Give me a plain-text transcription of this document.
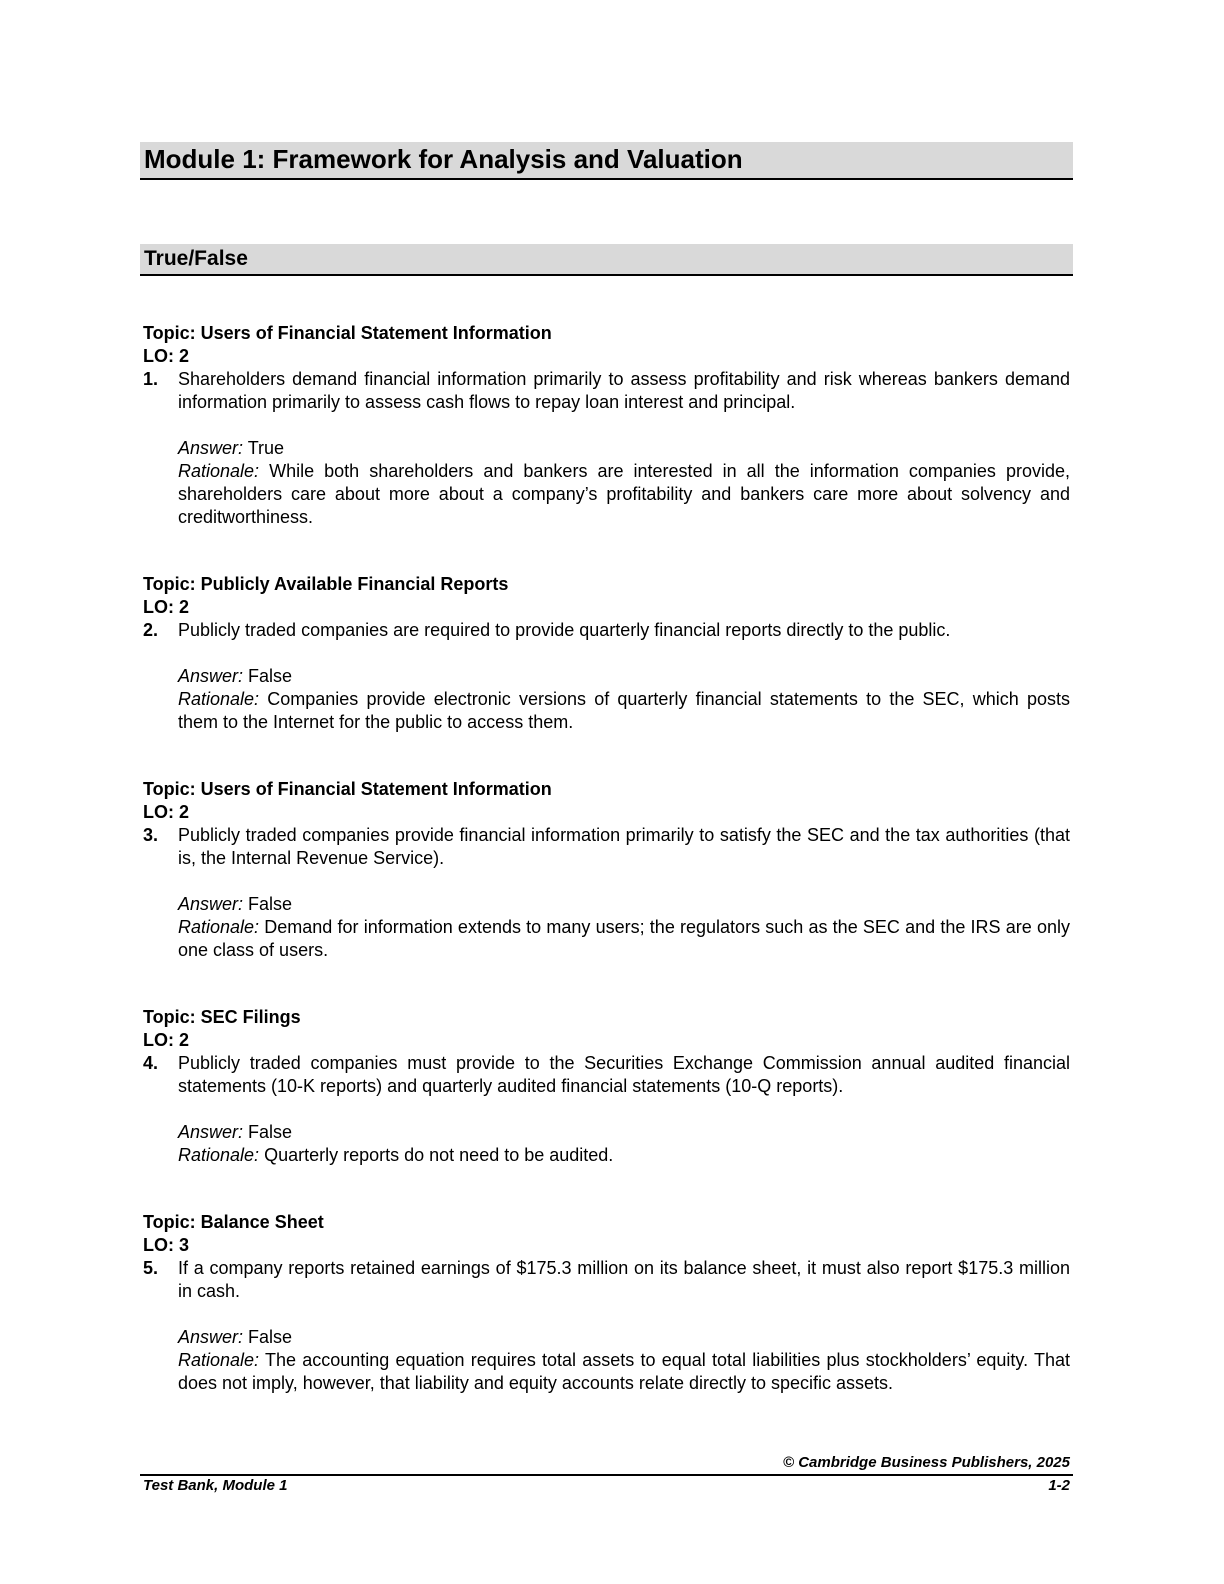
Module 1: Framework for Analysis and Valuation
True/False
Topic: Users of Financial Statement Information
LO: 2
1.	Shareholders demand financial information primarily to assess profitability and risk whereas bankers demand information primarily to assess cash flows to repay loan interest and principal.
Answer: True
Rationale: While both shareholders and bankers are interested in all the information companies provide, shareholders care about more about a company’s profitability and bankers care more about solvency and creditworthiness.
Topic: Publicly Available Financial Reports
LO: 2
2.	Publicly traded companies are required to provide quarterly financial reports directly to the public.
Answer: False
Rationale: Companies provide electronic versions of quarterly financial statements to the SEC, which posts them to the Internet for the public to access them.
Topic: Users of Financial Statement Information
LO: 2
3.	Publicly traded companies provide financial information primarily to satisfy the SEC and the tax authorities (that is, the Internal Revenue Service).
Answer: False
Rationale: Demand for information extends to many users; the regulators such as the SEC and the IRS are only one class of users.
Topic: SEC Filings
LO: 2
4.	Publicly traded companies must provide to the Securities Exchange Commission annual audited financial statements (10-K reports) and quarterly audited financial statements (10-Q reports).
Answer: False
Rationale: Quarterly reports do not need to be audited.
Topic: Balance Sheet
LO: 3
5.	If a company reports retained earnings of $175.3 million on its balance sheet, it must also report $175.3 million in cash.
Answer: False
Rationale: The accounting equation requires total assets to equal total liabilities plus stockholders’ equity. That does not imply, however, that liability and equity accounts relate directly to specific assets.
© Cambridge Business Publishers, 2025
Test Bank, Module 1	1-2
